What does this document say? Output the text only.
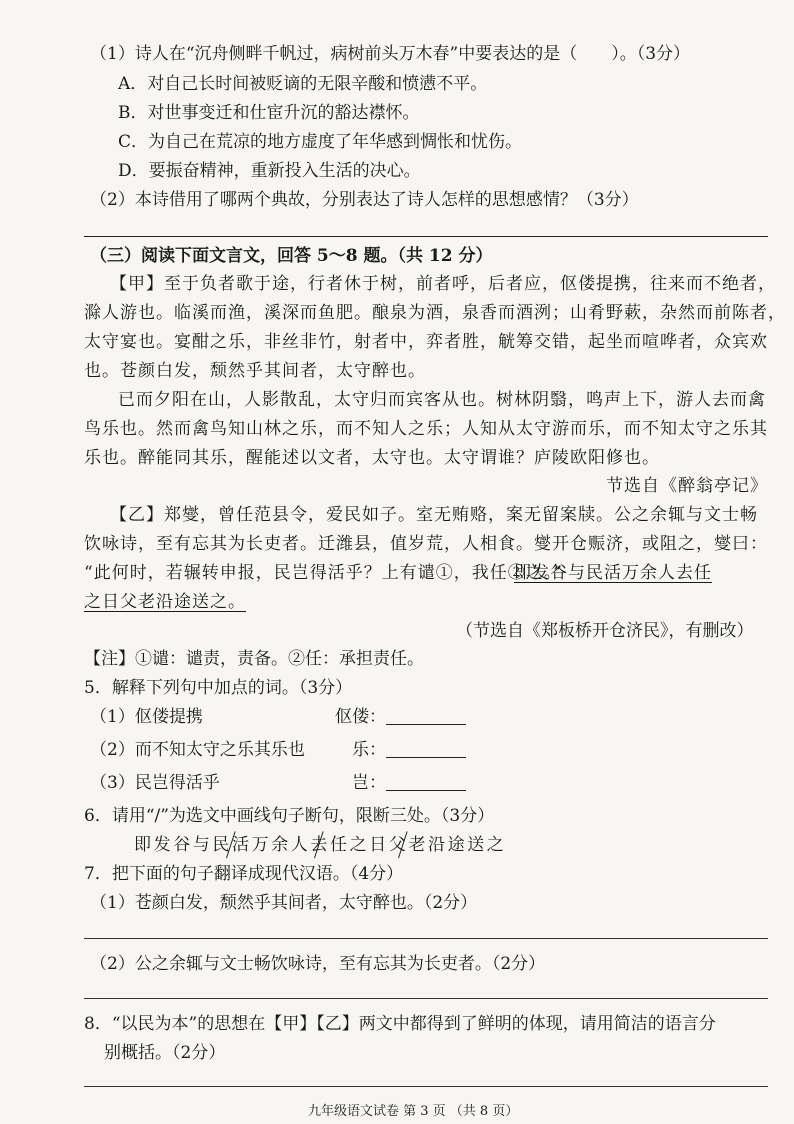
（1）诗人在“沉舟侧畔千帆过，病树前头万木春”中要表达的是（　　）。（3分）
A．对自己长时间被贬谪的无限辛酸和愤懑不平。
B．对世事变迁和仕宦升沉的豁达襟怀。
C．为自己在荒凉的地方虚度了年华感到惆怅和忧伤。
D．要振奋精神，重新投入生活的决心。
（2）本诗借用了哪两个典故，分别表达了诗人怎样的思想感情？（3分）
（三）阅读下面文言文，回答 5～8 题。（共 12 分）
【甲】至于负者歌于途，行者休于树，前者呼，后者应，伛偻提携，往来而不绝者，
滁人游也。临溪而渔，溪深而鱼肥。酿泉为酒，泉香而酒洌；山肴野蔌，杂然而前陈者，
太守宴也。宴酣之乐，非丝非竹，射者中，弈者胜，觥筹交错，起坐而喧哗者，众宾欢
也。苍颜白发，颓然乎其间者，太守醉也。
已而夕阳在山，人影散乱，太守归而宾客从也。树林阴翳，鸣声上下，游人去而禽
鸟乐也。然而禽鸟知山林之乐，而不知人之乐；人知从太守游而乐，而不知太守之乐其
乐也。醉能同其乐，醒能述以文者，太守也。太守谓谁？庐陵欧阳修也。
节选自《醉翁亭记》
【乙】郑燮，曾任范县令，爱民如子。室无贿赂，案无留案牍。公之余辄与文士畅
饮咏诗，至有忘其为长吏者。迁潍县，值岁荒，人相食。燮开仓赈济，或阻之，燮曰：
“此何时，若辗转申报，民岂得活乎？上有谴①，我任②之。”
即发谷与民活万余人去任
之日父老沿途送之。
（节选自《郑板桥开仓济民》，有删改）
【注】①谴：谴责，责备。②任：承担责任。
5．解释下列句中加点的词。（3分）
（1）伛偻提携	伛偻：
（2）而不知太守之乐其乐也	乐：
（3）民岂得活乎	岂：
6．请用“/”为选文中画线句子断句，限断三处。（3分）
即发谷与民活万余人去任之日父老沿途送之
7．把下面的句子翻译成现代汉语。（4分）
（1）苍颜白发，颓然乎其间者，太守醉也。（2分）
（2）公之余辄与文士畅饮咏诗，至有忘其为长吏者。（2分）
8．“以民为本”的思想在【甲】【乙】两文中都得到了鲜明的体现，请用简洁的语言分
别概括。（2分）
九年级语文试卷 第 3 页 （共 8 页）
